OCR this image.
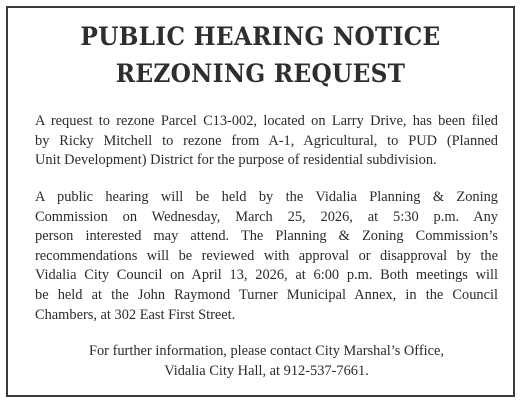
PUBLIC HEARING NOTICE
REZONING REQUEST
A request to rezone Parcel C13-002, located on Larry Drive, has been filed
by Ricky Mitchell to rezone from A-1, Agricultural, to PUD (Planned
Unit Development) District for the purpose of residential subdivision.
A public hearing will be held by the Vidalia Planning & Zoning
Commission on Wednesday, March 25, 2026, at 5:30 p.m. Any
person interested may attend. The Planning & Zoning Commission’s
recommendations will be reviewed with approval or disapproval by the
Vidalia City Council on April 13, 2026, at 6:00 p.m. Both meetings will
be held at the John Raymond Turner Municipal Annex, in the Council
Chambers, at 302 East First Street.
For further information, please contact City Marshal’s Office,
Vidalia City Hall, at 912-537-7661.
